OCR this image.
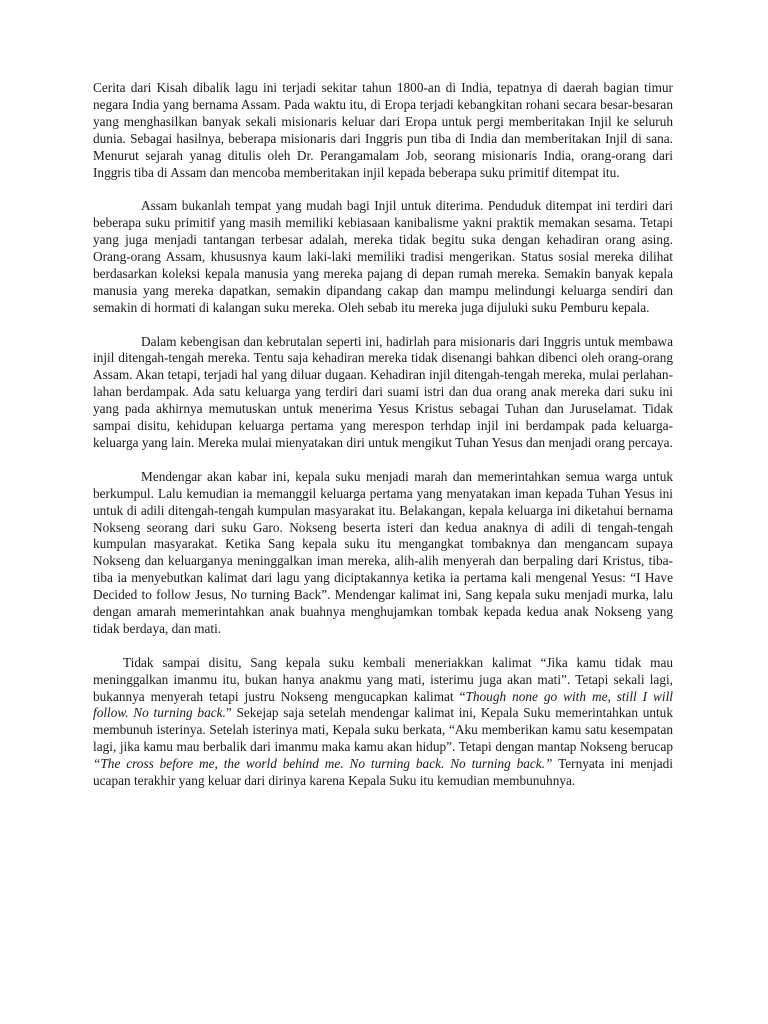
Cerita dari Kisah dibalik lagu ini terjadi sekitar tahun 1800-an di India, tepatnya di daerah bagian timur negara India yang bernama Assam. Pada waktu itu, di Eropa terjadi kebangkitan rohani secara besar-besaran yang menghasilkan banyak sekali misionaris keluar dari Eropa untuk pergi memberitakan Injil ke seluruh dunia. Sebagai hasilnya, beberapa misionaris dari Inggris pun tiba di India dan memberitakan Injil di sana. Menurut sejarah yanag ditulis oleh Dr. Perangamalam Job, seorang misionaris India, orang-orang dari Inggris tiba di Assam dan mencoba memberitakan injil kepada beberapa suku primitif ditempat itu.

Assam bukanlah tempat yang mudah bagi Injil untuk diterima. Penduduk ditempat ini terdiri dari beberapa suku primitif yang masih memiliki kebiasaan kanibalisme yakni praktik memakan sesama. Tetapi yang juga menjadi tantangan terbesar adalah, mereka tidak begitu suka dengan kehadiran orang asing. Orang-orang Assam, khususnya kaum laki-laki memiliki tradisi mengerikan. Status sosial mereka dilihat berdasarkan koleksi kepala manusia yang mereka pajang di depan rumah mereka. Semakin banyak kepala manusia yang mereka dapatkan, semakin dipandang cakap dan mampu melindungi keluarga sendiri dan semakin di hormati di kalangan suku mereka. Oleh sebab itu mereka juga dijuluki suku Pemburu kepala.

Dalam kebengisan dan kebrutalan seperti ini, hadirlah para misionaris dari Inggris untuk membawa injil ditengah-tengah mereka. Tentu saja kehadiran mereka tidak disenangi bahkan dibenci oleh orang-orang Assam. Akan tetapi, terjadi hal yang diluar dugaan. Kehadiran injil ditengah-tengah mereka, mulai perlahan-lahan berdampak. Ada satu keluarga yang terdiri dari suami istri dan dua orang anak mereka dari suku ini yang pada akhirnya memutuskan untuk menerima Yesus Kristus sebagai Tuhan dan Juruselamat. Tidak sampai disitu, kehidupan keluarga pertama yang merespon terhdap injil ini berdampak pada keluarga-keluarga yang lain. Mereka mulai mienyatakan diri untuk mengikut Tuhan Yesus dan menjadi orang percaya.

Mendengar akan kabar ini, kepala suku menjadi marah dan memerintahkan semua warga untuk berkumpul. Lalu kemudian ia memanggil keluarga pertama yang menyatakan iman kepada Tuhan Yesus ini untuk di adili ditengah-tengah kumpulan masyarakat itu. Belakangan, kepala keluarga ini diketahui bernama Nokseng seorang dari suku Garo. Nokseng beserta isteri dan kedua anaknya di adili di tengah-tengah kumpulan masyarakat. Ketika Sang kepala suku itu mengangkat tombaknya dan mengancam supaya Nokseng dan keluarganya meninggalkan iman mereka, alih-alih menyerah dan berpaling dari Kristus, tiba-tiba ia menyebutkan kalimat dari lagu yang diciptakannya ketika ia pertama kali mengenal Yesus: “I Have Decided to follow Jesus, No turning Back”. Mendengar kalimat ini, Sang kepala suku menjadi murka, lalu dengan amarah memerintahkan anak buahnya menghujamkan tombak kepada kedua anak Nokseng yang tidak berdaya, dan mati.

Tidak sampai disitu, Sang kepala suku kembali meneriakkan kalimat “Jika kamu tidak mau meninggalkan imanmu itu, bukan hanya anakmu yang mati, isterimu juga akan mati”. Tetapi sekali lagi, bukannya menyerah tetapi justru Nokseng mengucapkan kalimat “Though none go with me, still I will follow. No turning back.” Sekejap saja setelah mendengar kalimat ini, Kepala Suku memerintahkan untuk membunuh isterinya. Setelah isterinya mati, Kepala suku berkata, “Aku memberikan kamu satu kesempatan lagi, jika kamu mau berbalik dari imanmu maka kamu akan hidup”. Tetapi dengan mantap Nokseng berucap “The cross before me, the world behind me. No turning back. No turning back.” Ternyata ini menjadi ucapan terakhir yang keluar dari dirinya karena Kepala Suku itu kemudian membunuhnya.
